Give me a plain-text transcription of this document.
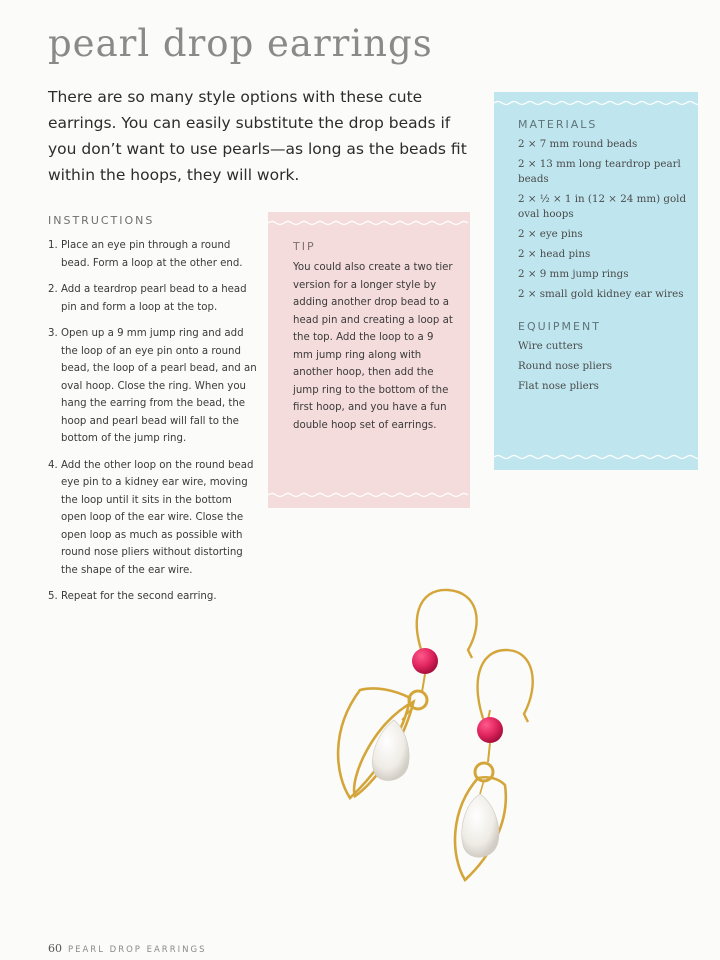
pearl drop earrings

There are so many style options with these cute earrings. You can easily substitute the drop beads if you don’t want to use pearls—as long as the beads fit within the hoops, they will work.

INSTRUCTIONS
1. Place an eye pin through a round bead. Form a loop at the other end.
2. Add a teardrop pearl bead to a head pin and form a loop at the top.
3. Open up a 9 mm jump ring and add the loop of an eye pin onto a round bead, the loop of a pearl bead, and an oval hoop. Close the ring. When you hang the earring from the bead, the hoop and pearl bead will fall to the bottom of the jump ring.
4. Add the other loop on the round bead eye pin to a kidney ear wire, moving the loop until it sits in the bottom open loop of the ear wire. Close the open loop as much as possible with round nose pliers without distorting the shape of the ear wire.
5. Repeat for the second earring.
TIP

You could also create a two tier version for a longer style by adding another drop bead to a head pin and creating a loop at the top. Add the loop to a 9 mm jump ring along with another hoop, then add the jump ring to the bottom of the first hoop, and you have a fun double hoop set of earrings.

MATERIALS
2 × 7 mm round beads
2 × 13 mm long teardrop pearl beads
2 × ½ × 1 in (12 × 24 mm) gold oval hoops
2 × eye pins
2 × head pins
2 × 9 mm jump rings
2 × small gold kidney ear wires
EQUIPMENT
Wire cutters
Round nose pliers
Flat nose pliers
60 PEARL DROP EARRINGS
